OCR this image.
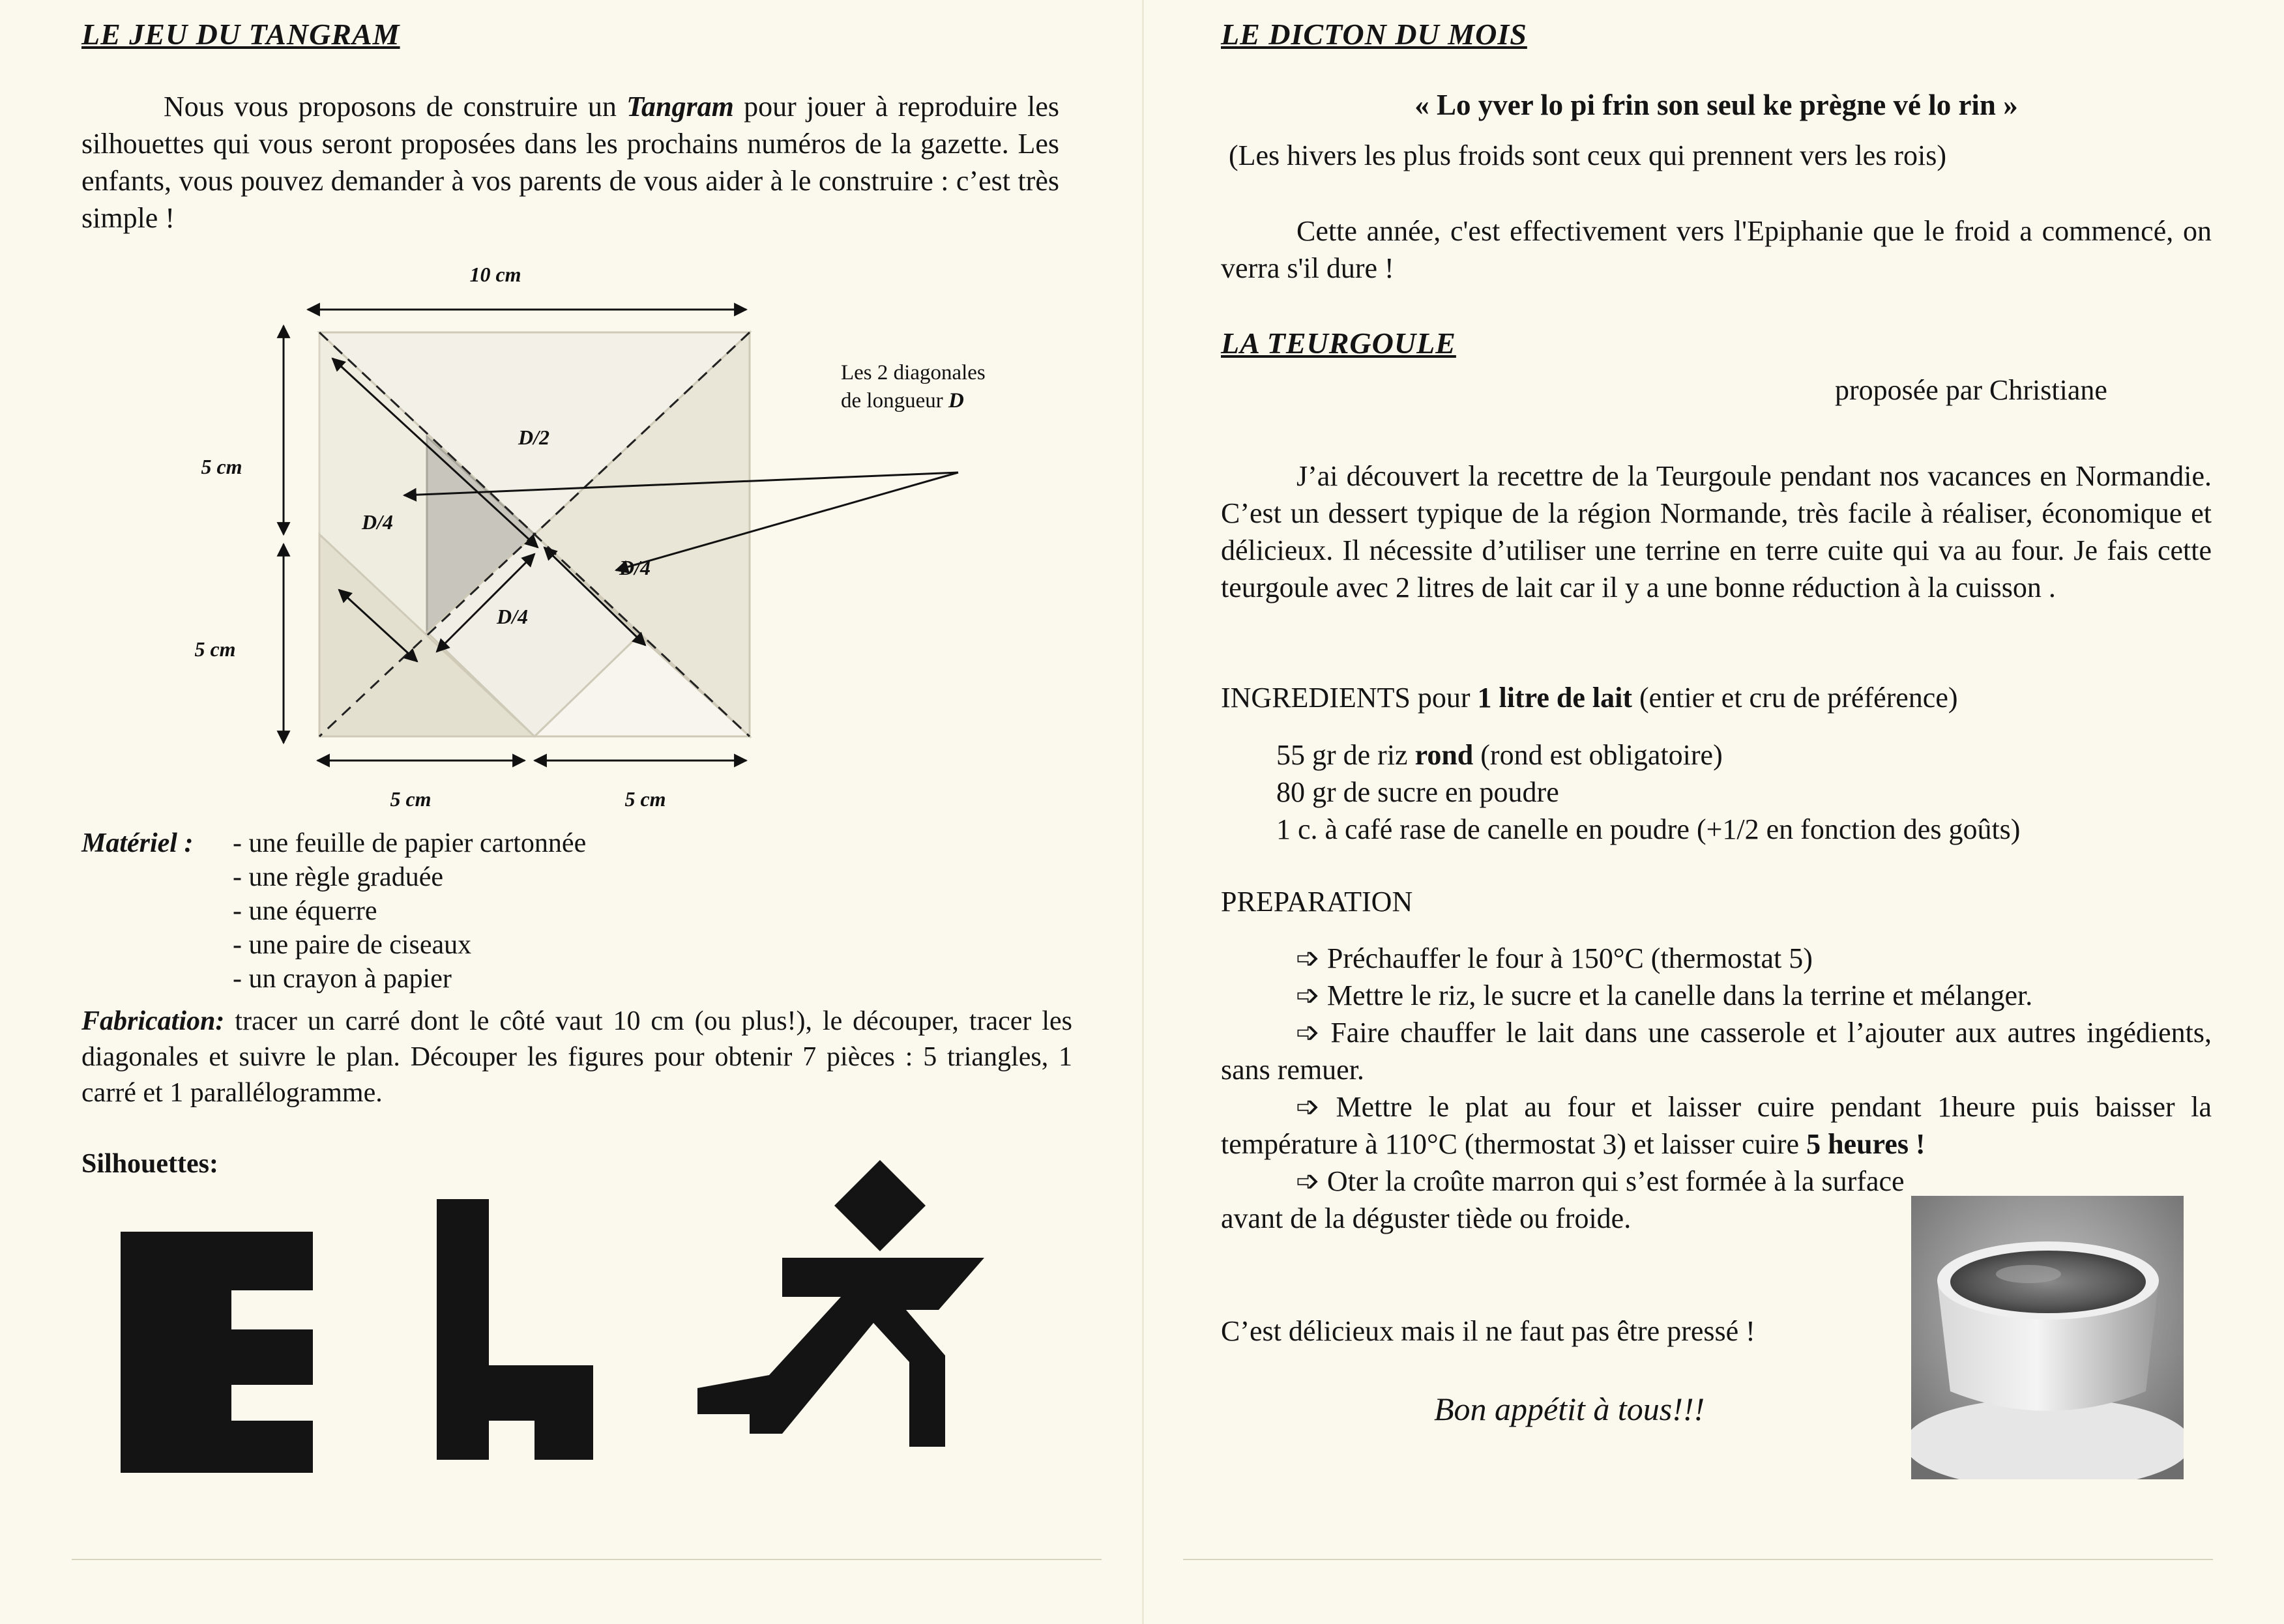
LE JEU DU TANGRAM
Nous vous proposons de construire un Tangram pour jouer à reproduire les silhouettes qui vous seront proposées dans les prochains numéros de la gazette. Les enfants, vous pouvez demander à vos parents de vous aider à le construire : c’est très simple !
10 cm
5 cm
5 cm
5 cm	5 cm
D/2
D/4
D/4
D/4
Les 2 diagonales
de longueur D
Matériel : - une feuille de papier cartonnée
- une règle graduée
- une équerre
- une paire de ciseaux
- un crayon à papier
Fabrication: tracer un carré dont le côté vaut 10 cm (ou plus!), le découper, tracer les diagonales et suivre le plan. Découper les figures pour obtenir 7 pièces : 5 triangles, 1 carré et 1 parallélogramme.
Silhouettes:
LE DICTON DU MOIS
« Lo yver lo pi frin son seul ke prègne vé lo rin »
(Les hivers les plus froids sont ceux qui prennent vers les rois)
Cette année, c'est effectivement vers l'Epiphanie que le froid a commencé, on verra s'il dure !
LA TEURGOULE
proposée par Christiane
J’ai découvert la recettre de la Teurgoule pendant nos vacances en Normandie. C’est un dessert typique de la région Normande, très facile à réaliser, économique et délicieux. Il nécessite d’utiliser une terrine en terre cuite qui va au four. Je fais cette teurgoule avec 2 litres de lait car il y a une bonne réduction à la cuisson .
INGREDIENTS pour 1 litre de lait (entier et cru de préférence)
55 gr de riz rond (rond est obligatoire)
80 gr de sucre en poudre
1 c. à café rase de canelle en poudre (+1/2 en fonction des goûts)
PREPARATION
➩ Préchauffer le four à 150°C (thermostat 5)
➩ Mettre le riz, le sucre et la canelle dans la terrine et mélanger.
➩ Faire chauffer le lait dans une casserole et l’ajouter aux autres ingédients, sans remuer.
➩ Mettre le plat au four et laisser cuire pendant 1heure puis baisser la température à 110°C (thermostat 3) et laisser cuire 5 heures !
➩ Oter la croûte marron qui s’est formée à la surface avant de la déguster tiède ou froide.
C’est délicieux mais il ne faut pas être pressé !
Bon appétit à tous!!!
